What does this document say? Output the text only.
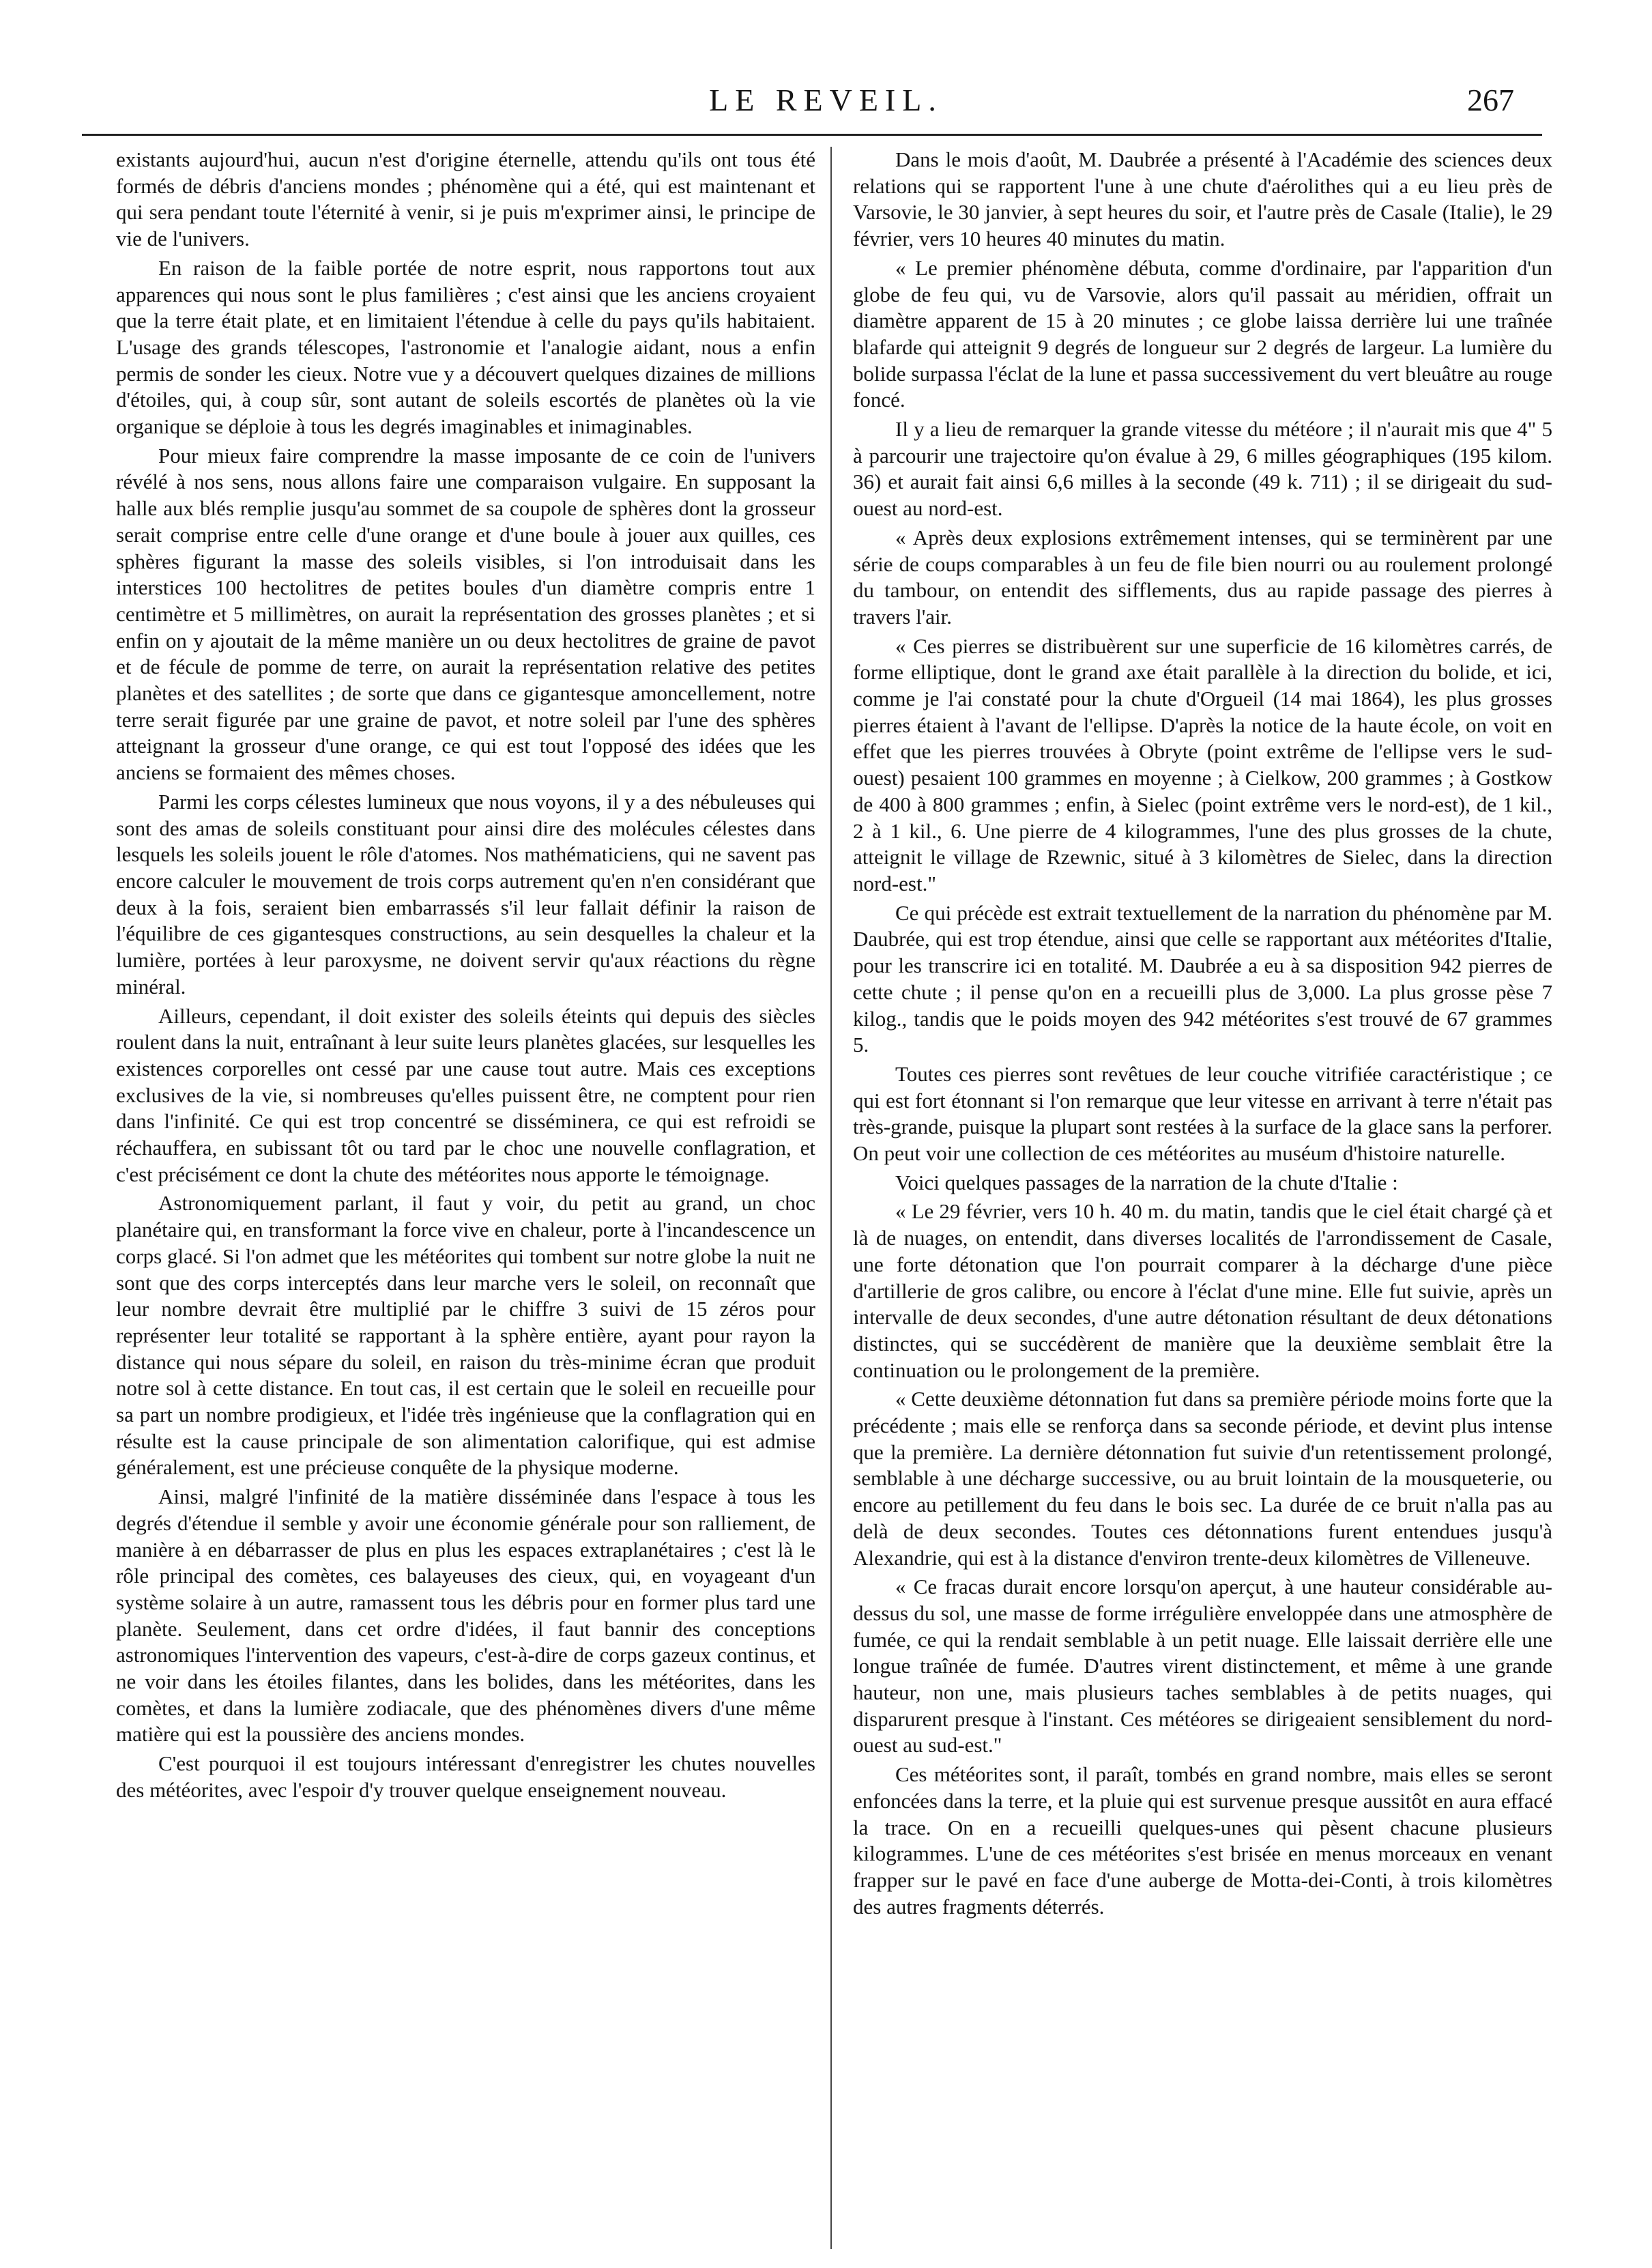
LE REVEIL.	267

existants aujourd'hui, aucun n'est d'origine éternelle, attendu qu'ils ont tous été formés de débris d'anciens mondes ; phénomène qui a été, qui est maintenant et qui sera pendant toute l'éternité à venir, si je puis m'exprimer ainsi, le principe de vie de l'univers.

En raison de la faible portée de notre esprit, nous rapportons tout aux apparences qui nous sont le plus familières ; c'est ainsi que les anciens croyaient que la terre était plate, et en limitaient l'étendue à celle du pays qu'ils habitaient. L'usage des grands télescopes, l'astronomie et l'analogie aidant, nous a enfin permis de sonder les cieux. Notre vue y a découvert quelques dizaines de millions d'étoiles, qui, à coup sûr, sont autant de soleils escortés de planètes où la vie organique se déploie à tous les degrés imaginables et inimaginables.

Pour mieux faire comprendre la masse imposante de ce coin de l'univers révélé à nos sens, nous allons faire une comparaison vulgaire. En supposant la halle aux blés remplie jusqu'au sommet de sa coupole de sphères dont la grosseur serait comprise entre celle d'une orange et d'une boule à jouer aux quilles, ces sphères figurant la masse des soleils visibles, si l'on introduisait dans les interstices 100 hectolitres de petites boules d'un diamètre compris entre 1 centimètre et 5 millimètres, on aurait la représentation des grosses planètes ; et si enfin on y ajoutait de la même manière un ou deux hectolitres de graine de pavot et de fécule de pomme de terre, on aurait la représentation relative des petites planètes et des satellites ; de sorte que dans ce gigantesque amoncellement, notre terre serait figurée par une graine de pavot, et notre soleil par l'une des sphères atteignant la grosseur d'une orange, ce qui est tout l'opposé des idées que les anciens se formaient des mêmes choses.

Parmi les corps célestes lumineux que nous voyons, il y a des nébuleuses qui sont des amas de soleils constituant pour ainsi dire des molécules célestes dans lesquels les soleils jouent le rôle d'atomes. Nos mathématiciens, qui ne savent pas encore calculer le mouvement de trois corps autrement qu'en n'en considérant que deux à la fois, seraient bien embarrassés s'il leur fallait définir la raison de l'équilibre de ces gigantesques constructions, au sein desquelles la chaleur et la lumière, portées à leur paroxysme, ne doivent servir qu'aux réactions du règne minéral.

Ailleurs, cependant, il doit exister des soleils éteints qui depuis des siècles roulent dans la nuit, entraînant à leur suite leurs planètes glacées, sur lesquelles les existences corporelles ont cessé par une cause tout autre. Mais ces exceptions exclusives de la vie, si nombreuses qu'elles puissent être, ne comptent pour rien dans l'infinité. Ce qui est trop concentré se disséminera, ce qui est refroidi se réchauffera, en subissant tôt ou tard par le choc une nouvelle conflagration, et c'est précisément ce dont la chute des météorites nous apporte le témoignage.

Astronomiquement parlant, il faut y voir, du petit au grand, un choc planétaire qui, en transformant la force vive en chaleur, porte à l'incandescence un corps glacé. Si l'on admet que les météorites qui tombent sur notre globe la nuit ne sont que des corps interceptés dans leur marche vers le soleil, on reconnaît que leur nombre devrait être multiplié par le chiffre 3 suivi de 15 zéros pour représenter leur totalité se rapportant à la sphère entière, ayant pour rayon la distance qui nous sépare du soleil, en raison du très-minime écran que produit notre sol à cette distance. En tout cas, il est certain que le soleil en recueille pour sa part un nombre prodigieux, et l'idée très ingénieuse que la conflagration qui en résulte est la cause principale de son alimentation calorifique, qui est admise généralement, est une précieuse conquête de la physique moderne.

Ainsi, malgré l'infinité de la matière disséminée dans l'espace à tous les degrés d'étendue il semble y avoir une économie générale pour son ralliement, de manière à en débarrasser de plus en plus les espaces extraplanétaires ; c'est là le rôle principal des comètes, ces balayeuses des cieux, qui, en voyageant d'un système solaire à un autre, ramassent tous les débris pour en former plus tard une planète. Seulement, dans cet ordre d'idées, il faut bannir des conceptions astronomiques l'intervention des vapeurs, c'est-à-dire de corps gazeux continus, et ne voir dans les étoiles filantes, dans les bolides, dans les météorites, dans les comètes, et dans la lumière zodiacale, que des phénomènes divers d'une même matière qui est la poussière des anciens mondes.

C'est pourquoi il est toujours intéressant d'enregistrer les chutes nouvelles des météorites, avec l'espoir d'y trouver quelque enseignement nouveau.

Dans le mois d'août, M. Daubrée a présenté à l'Académie des sciences deux relations qui se rapportent l'une à une chute d'aérolithes qui a eu lieu près de Varsovie, le 30 janvier, à sept heures du soir, et l'autre près de Casale (Italie), le 29 février, vers 10 heures 40 minutes du matin.

« Le premier phénomène débuta, comme d'ordinaire, par l'apparition d'un globe de feu qui, vu de Varsovie, alors qu'il passait au méridien, offrait un diamètre apparent de 15 à 20 minutes ; ce globe laissa derrière lui une traînée blafarde qui atteignit 9 degrés de longueur sur 2 degrés de largeur. La lumière du bolide surpassa l'éclat de la lune et passa successivement du vert bleuâtre au rouge foncé.

Il y a lieu de remarquer la grande vitesse du météore ; il n'aurait mis que 4" 5 à parcourir une trajectoire qu'on évalue à 29, 6 milles géographiques (195 kilom. 36) et aurait fait ainsi 6,6 milles à la seconde (49 k. 711) ; il se dirigeait du sud-ouest au nord-est.

« Après deux explosions extrêmement intenses, qui se terminèrent par une série de coups comparables à un feu de file bien nourri ou au roulement prolongé du tambour, on entendit des sifflements, dus au rapide passage des pierres à travers l'air.

« Ces pierres se distribuèrent sur une superficie de 16 kilomètres carrés, de forme elliptique, dont le grand axe était parallèle à la direction du bolide, et ici, comme je l'ai constaté pour la chute d'Orgueil (14 mai 1864), les plus grosses pierres étaient à l'avant de l'ellipse. D'après la notice de la haute école, on voit en effet que les pierres trouvées à Obryte (point extrême de l'ellipse vers le sud-ouest) pesaient 100 grammes en moyenne ; à Cielkow, 200 grammes ; à Gostkow de 400 à 800 grammes ; enfin, à Sielec (point extrême vers le nord-est), de 1 kil., 2 à 1 kil., 6. Une pierre de 4 kilogrammes, l'une des plus grosses de la chute, atteignit le village de Rzewnic, situé à 3 kilomètres de Sielec, dans la direction nord-est."

Ce qui précède est extrait textuellement de la narration du phénomène par M. Daubrée, qui est trop étendue, ainsi que celle se rapportant aux météorites d'Italie, pour les transcrire ici en totalité. M. Daubrée a eu à sa disposition 942 pierres de cette chute ; il pense qu'on en a recueilli plus de 3,000. La plus grosse pèse 7 kilog., tandis que le poids moyen des 942 météorites s'est trouvé de 67 grammes 5.

Toutes ces pierres sont revêtues de leur couche vitrifiée caractéristique ; ce qui est fort étonnant si l'on remarque que leur vitesse en arrivant à terre n'était pas très-grande, puisque la plupart sont restées à la surface de la glace sans la perforer. On peut voir une collection de ces météorites au muséum d'histoire naturelle.

Voici quelques passages de la narration de la chute d'Italie :

« Le 29 février, vers 10 h. 40 m. du matin, tandis que le ciel était chargé çà et là de nuages, on entendit, dans diverses localités de l'arrondissement de Casale, une forte détonation que l'on pourrait comparer à la décharge d'une pièce d'artillerie de gros calibre, ou encore à l'éclat d'une mine. Elle fut suivie, après un intervalle de deux secondes, d'une autre détonation résultant de deux détonations distinctes, qui se succédèrent de manière que la deuxième semblait être la continuation ou le prolongement de la première.

« Cette deuxième détonnation fut dans sa première période moins forte que la précédente ; mais elle se renforça dans sa seconde période, et devint plus intense que la première. La dernière détonnation fut suivie d'un retentissement prolongé, semblable à une décharge successive, ou au bruit lointain de la mousqueterie, ou encore au petillement du feu dans le bois sec. La durée de ce bruit n'alla pas au delà de deux secondes. Toutes ces détonnations furent entendues jusqu'à Alexandrie, qui est à la distance d'environ trente-deux kilomètres de Villeneuve.

« Ce fracas durait encore lorsqu'on aperçut, à une hauteur considérable au-dessus du sol, une masse de forme irrégulière enveloppée dans une atmosphère de fumée, ce qui la rendait semblable à un petit nuage. Elle laissait derrière elle une longue traînée de fumée. D'autres virent distinctement, et même à une grande hauteur, non une, mais plusieurs taches semblables à de petits nuages, qui disparurent presque à l'instant. Ces météores se dirigeaient sensiblement du nord-ouest au sud-est."

Ces météorites sont, il paraît, tombés en grand nombre, mais elles se seront enfoncées dans la terre, et la pluie qui est survenue presque aussitôt en aura effacé la trace. On en a recueilli quelques-unes qui pèsent chacune plusieurs kilogrammes. L'une de ces météorites s'est brisée en menus morceaux en venant frapper sur le pavé en face d'une auberge de Motta-dei-Conti, à trois kilomètres des autres fragments déterrés.
